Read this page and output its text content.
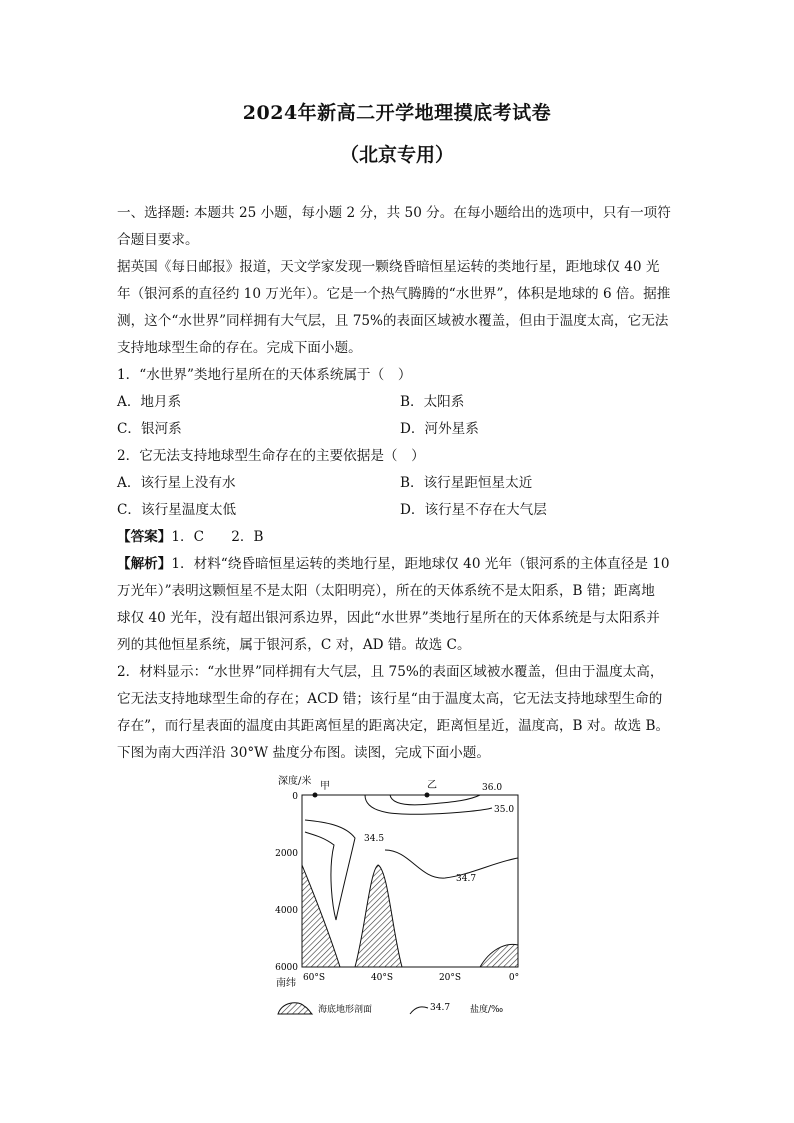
2024年新高二开学地理摸底考试卷
（北京专用）

一、选择题: 本题共 25 小题，每小题 2 分，共 50 分。在每小题给出的选项中，只有一项符

合题目要求。

据英国《每日邮报》报道，天文学家发现一颗绕昏暗恒星运转的类地行星，距地球仅 40 光

年（银河系的直径约 10 万光年）。它是一个热气腾腾的“水世界”，体积是地球的 6 倍。据推

测，这个“水世界”同样拥有大气层，且 75%的表面区域被水覆盖，但由于温度太高，它无法

支持地球型生命的存在。完成下面小题。

1．“水世界”类地行星所在的天体系统属于（　）

A．地月系	B．太阳系
C．银河系	D．河外星系

2．它无法支持地球型生命存在的主要依据是（　）

A．该行星上没有水	B．该行星距恒星太近
C．该行星温度太低	D．该行星不存在大气层

【答案】1．C　　2．B

【解析】1．材料“绕昏暗恒星运转的类地行星，距地球仅 40 光年（银河系的主体直径是 10

万光年）”表明这颗恒星不是太阳（太阳明亮），所在的天体系统不是太阳系，B 错；距离地

球仅 40 光年，没有超出银河系边界，因此“水世界”类地行星所在的天体系统是与太阳系并

列的其他恒星系统，属于银河系，C 对，AD 错。故选 C。

2．材料显示：“水世界”同样拥有大气层，且 75%的表面区域被水覆盖，但由于温度太高，

它无法支持地球型生命的存在；ACD 错；该行星“由于温度太高，它无法支持地球型生命的

存在”，而行星表面的温度由其距离恒星的距离决定，距离恒星近，温度高，B 对。故选 B。

下图为南大西洋沿 30°W 盐度分布图。读图，完成下面小题。

深度/米
南纬
0
2000
4000
6000
60°S	40°S	20°S	0°
36.0
35.0
34.5
34.7
甲	乙
海底地形剖面	34.7 盐度/‰
